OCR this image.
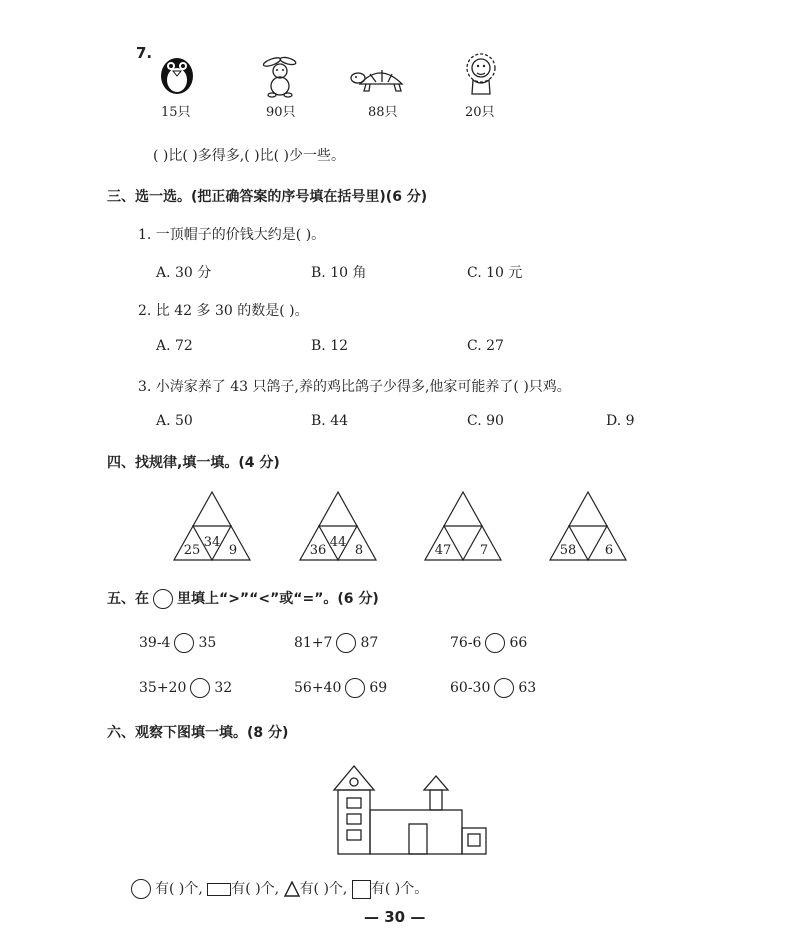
7.
15只	90只	88只	20只
( )比( )多得多,( )比( )少一些。
三、选一选。(把正确答案的序号填在括号里)(6 分)
1. 一顶帽子的价钱大约是( )。
A. 30 分	B. 10 角	C. 10 元
2. 比 42 多 30 的数是( )。
A. 72	B. 12	C. 27
3. 小涛家养了 43 只鸽子,养的鸡比鸽子少得多,他家可能养了( )只鸡。
A. 50	B. 44	C. 90	D. 9
四、找规律,填一填。(4 分)
34
25 9
44
36 8	47 7	58 6
五、在 里填上“>”“<”或“=”。(6 分)
39-4 35	81+7 87	76-6 66
35+20 32	56+40 69	60-30 63
六、观察下图填一填。(8 分)
有( )个, 有( )个, 有( )个, 有( )个。
— 30 —
